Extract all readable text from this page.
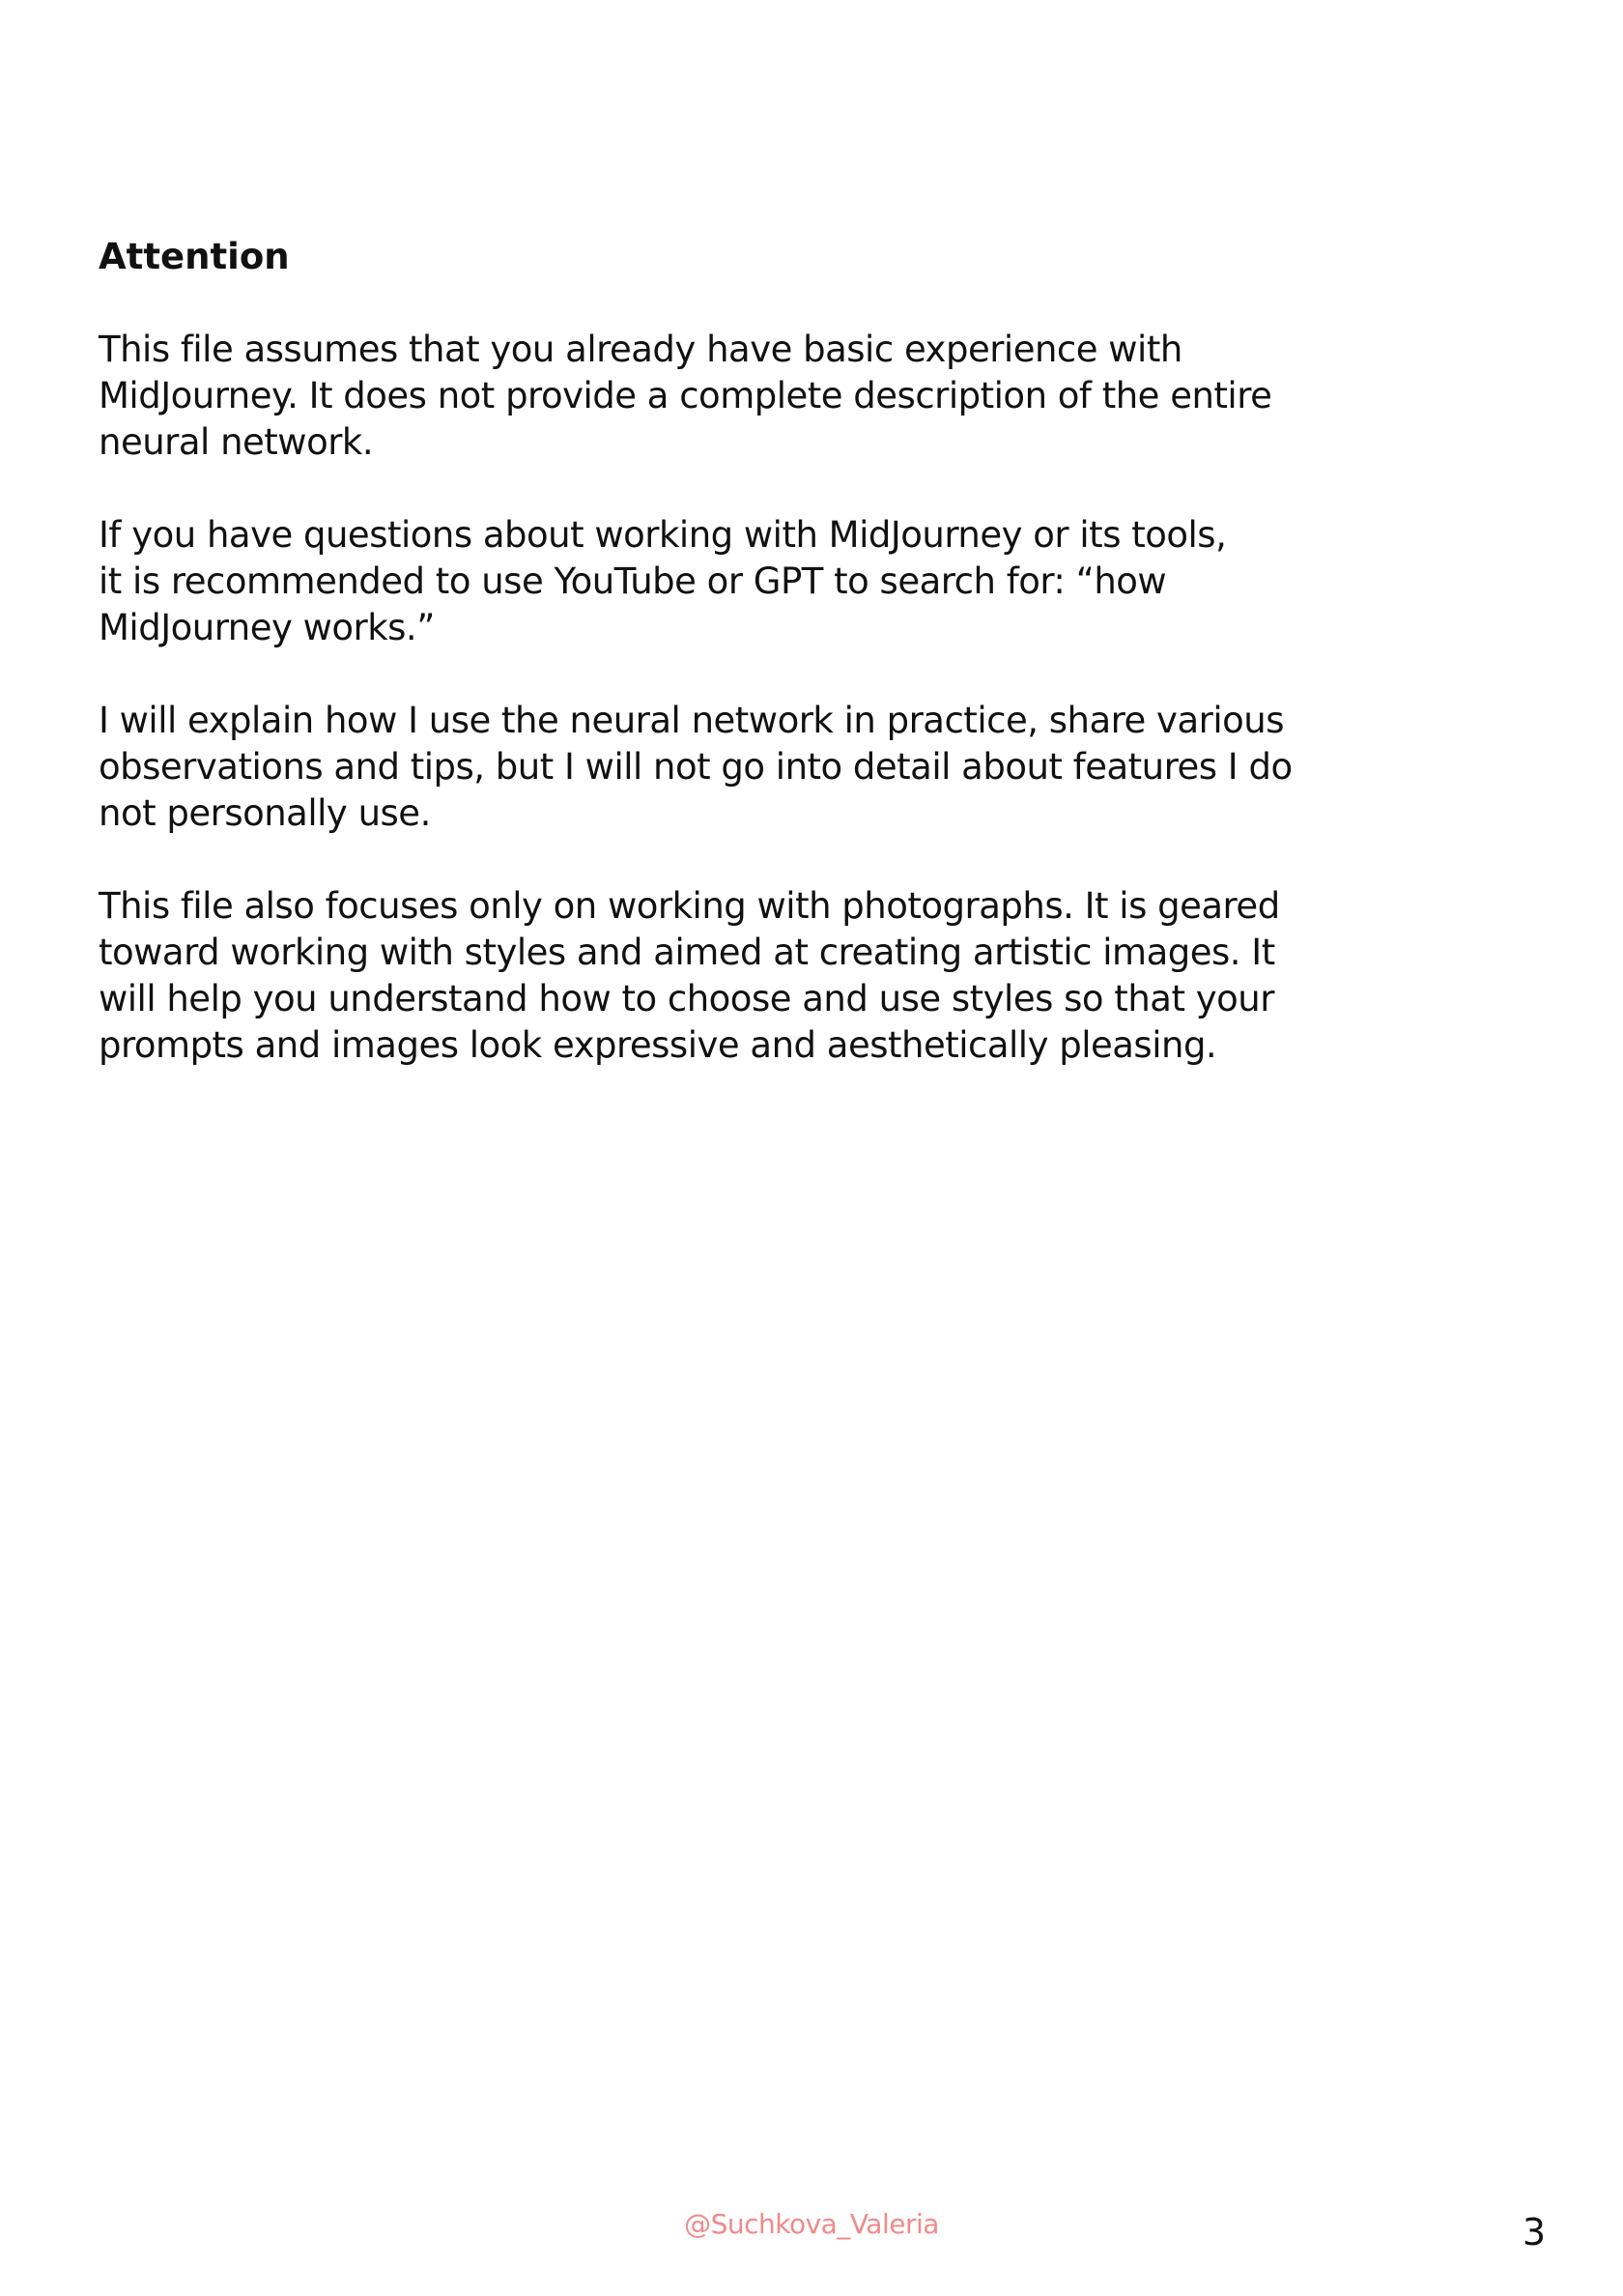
Attention

This file assumes that you already have basic experience with
MidJourney. It does not provide a complete description of the entire
neural network.

If you have questions about working with MidJourney or its tools,
it is recommended to use YouTube or GPT to search for: “how
MidJourney works.”

I will explain how I use the neural network in practice, share various
observations and tips, but I will not go into detail about features I do
not personally use.

This file also focuses only on working with photographs. It is geared
toward working with styles and aimed at creating artistic images. It
will help you understand how to choose and use styles so that your
prompts and images look expressive and aesthetically pleasing.

@Suchkova_Valeria	3
